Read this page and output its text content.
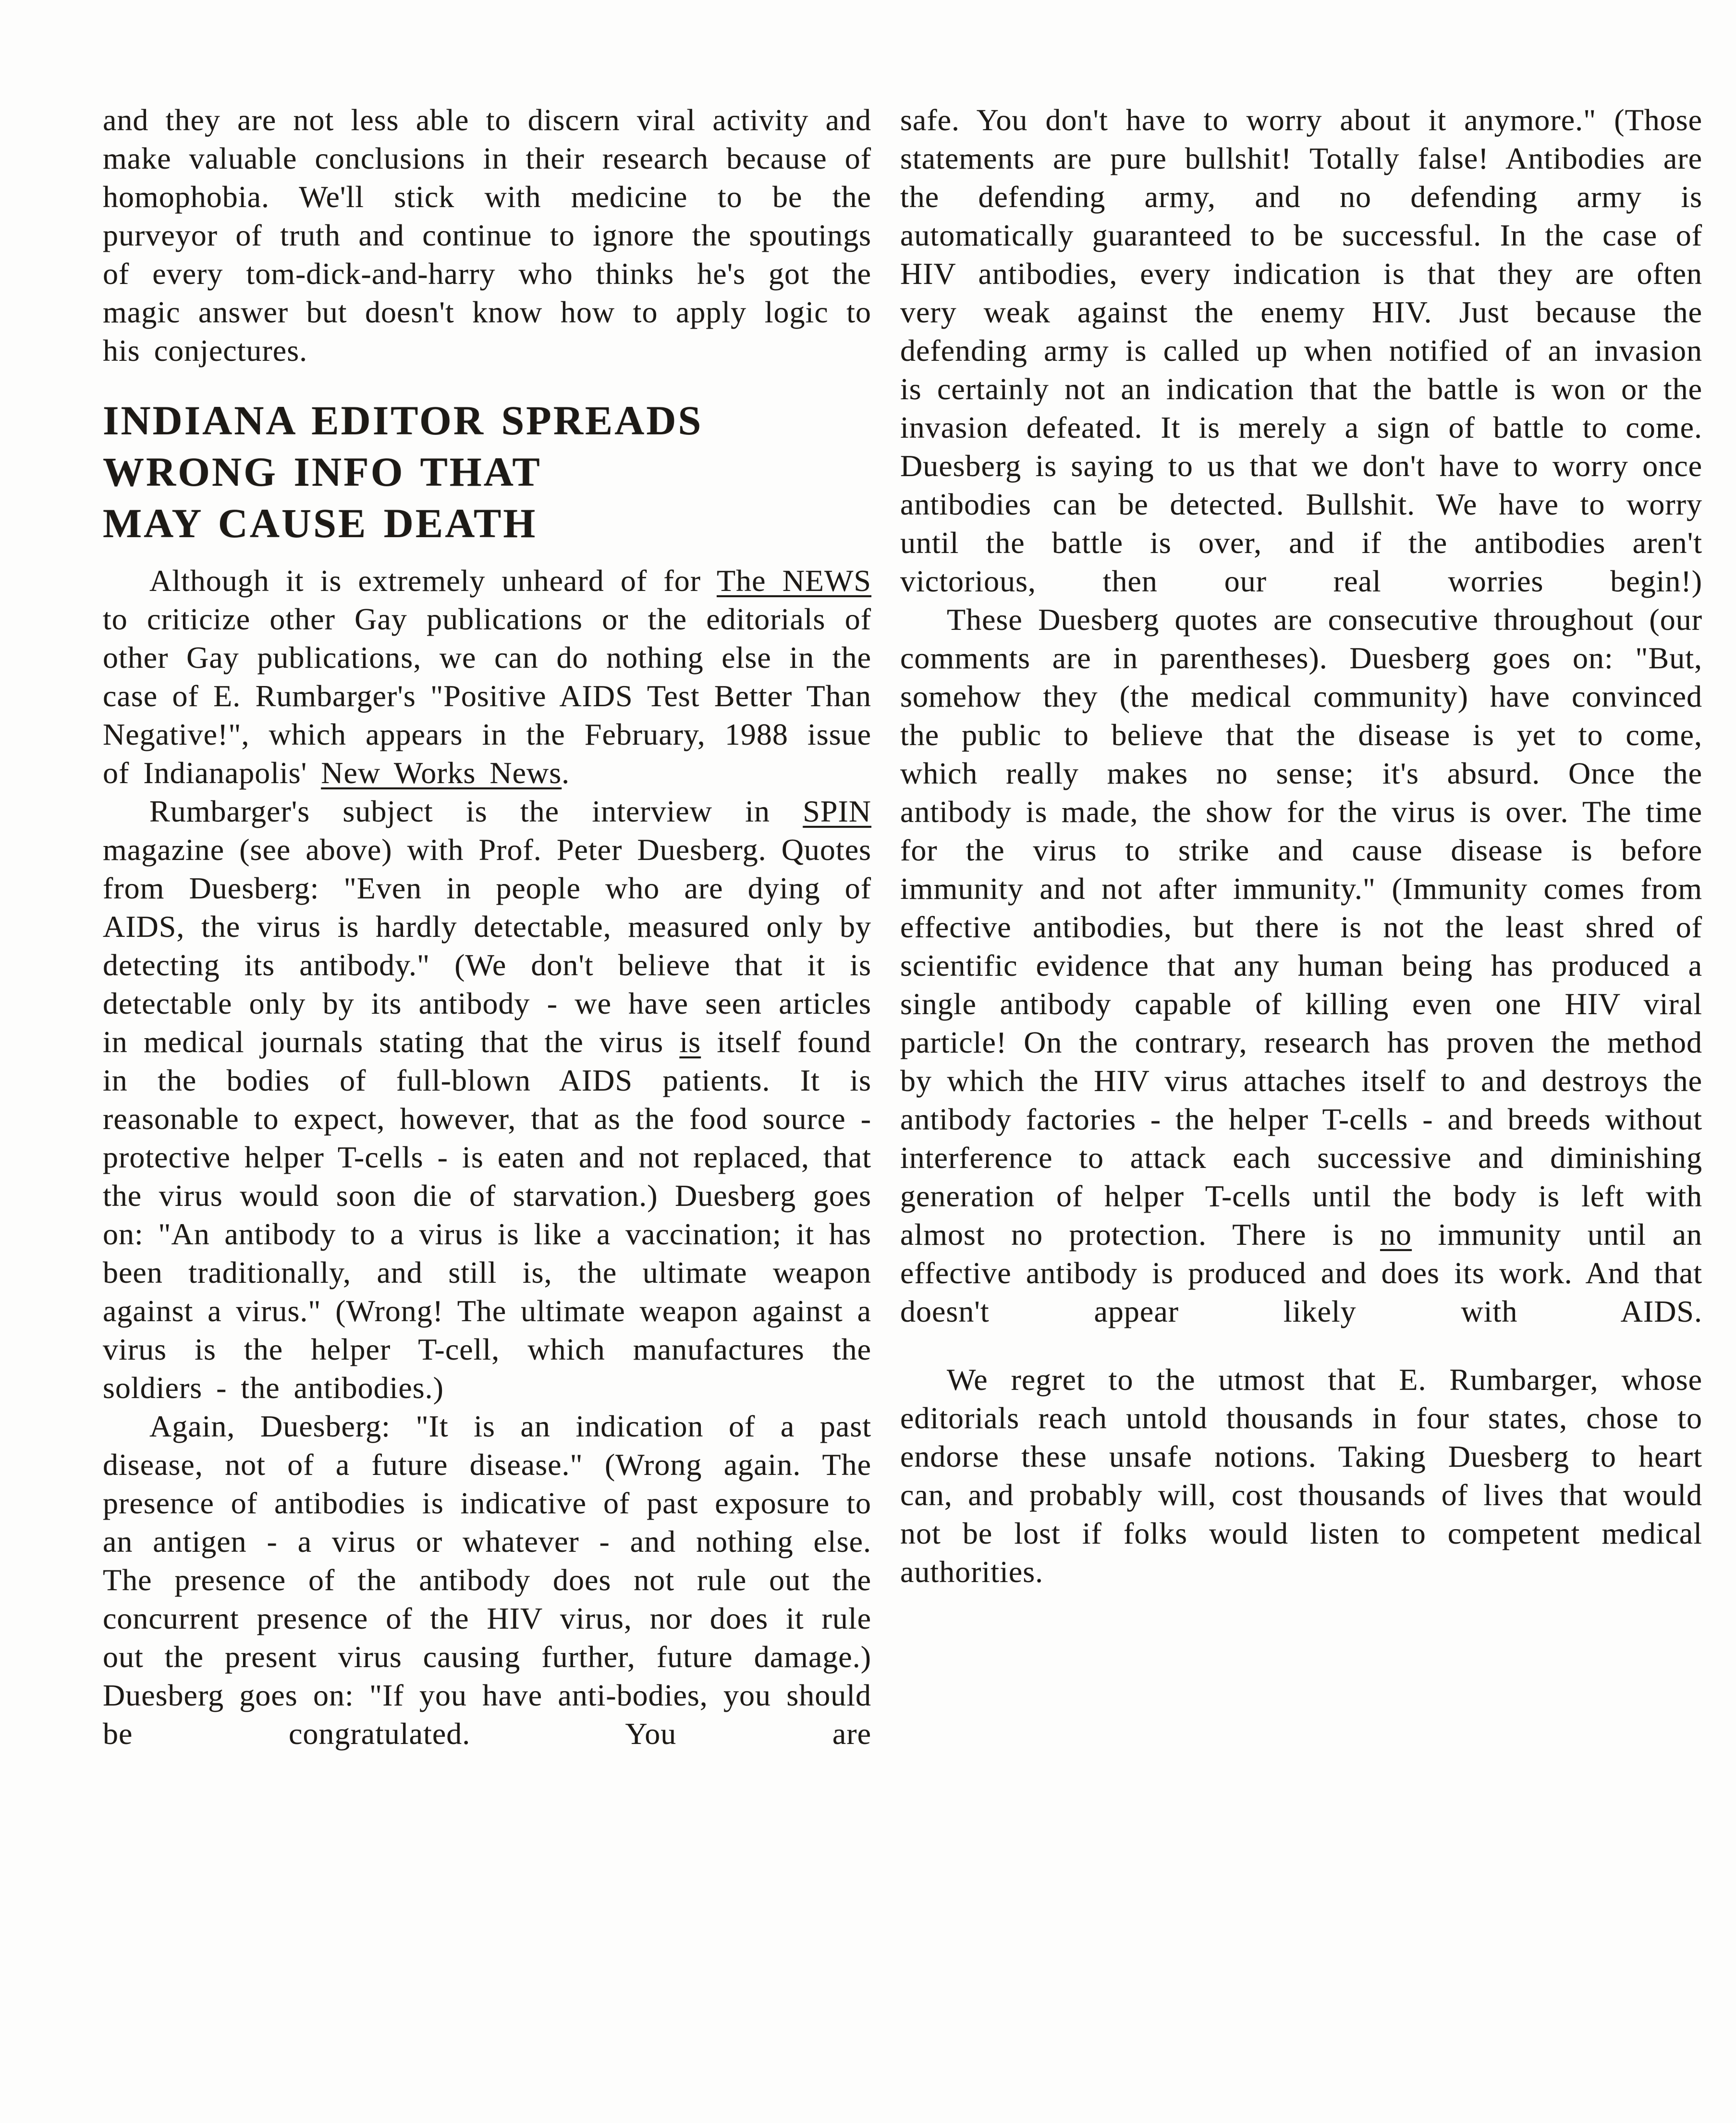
and they are not less able to discern viral activity and make valuable conclusions in their research because of homophobia. We'll stick with medicine to be the purveyor of truth and continue to ignore the spoutings of every tom-dick-and-harry who thinks he's got the magic answer but doesn't know how to apply logic to his conjectures.

INDIANA EDITOR SPREADS
WRONG INFO THAT
MAY CAUSE DEATH

Although it is extremely unheard of for The NEWS to criticize other Gay publications or the editorials of other Gay publications, we can do nothing else in the case of E. Rumbarger's "Positive AIDS Test Better Than Negative!", which appears in the February, 1988 issue of Indianapolis' New Works News.

Rumbarger's subject is the interview in SPIN magazine (see above) with Prof. Peter Duesberg. Quotes from Duesberg: "Even in people who are dying of AIDS, the virus is hardly detectable, measured only by detecting its antibody." (We don't believe that it is detectable only by its antibody - we have seen articles in medical journals stating that the virus is itself found in the bodies of full-blown AIDS patients. It is reasonable to expect, however, that as the food source - protective helper T-cells - is eaten and not replaced, that the virus would soon die of starvation.) Duesberg goes on: "An antibody to a virus is like a vaccination; it has been traditionally, and still is, the ultimate weapon against a virus." (Wrong! The ultimate weapon against a virus is the helper T-cell, which manufactures the soldiers - the antibodies.)

Again, Duesberg: "It is an indication of a past disease, not of a future disease." (Wrong again. The presence of antibodies is indicative of past exposure to an antigen - a virus or whatever - and nothing else. The presence of the antibody does not rule out the concurrent presence of the HIV virus, nor does it rule out the present virus causing further, future damage.) Duesberg goes on: "If you have anti-bodies, you should be congratulated. You are

safe. You don't have to worry about it anymore." (Those statements are pure bullshit! Totally false! Antibodies are the defending army, and no defending army is automatically guaranteed to be successful. In the case of HIV antibodies, every indication is that they are often very weak against the enemy HIV. Just because the defending army is called up when notified of an invasion is certainly not an indication that the battle is won or the invasion defeated. It is merely a sign of battle to come. Duesberg is saying to us that we don't have to worry once antibodies can be detected. Bullshit. We have to worry until the battle is over, and if the antibodies aren't victorious, then our real worries begin!)

These Duesberg quotes are consecutive throughout (our comments are in parentheses). Duesberg goes on: "But, somehow they (the medical community) have convinced the public to believe that the disease is yet to come, which really makes no sense; it's absurd. Once the antibody is made, the show for the virus is over. The time for the virus to strike and cause disease is before immunity and not after immunity." (Immunity comes from effective antibodies, but there is not the least shred of scientific evidence that any human being has produced a single antibody capable of killing even one HIV viral particle! On the contrary, research has proven the method by which the HIV virus attaches itself to and destroys the antibody factories - the helper T-cells - and breeds without interference to attack each successive and diminishing generation of helper T-cells until the body is left with almost no protection. There is no immunity until an effective antibody is produced and does its work. And that doesn't appear likely with AIDS.

We regret to the utmost that E. Rumbarger, whose editorials reach untold thousands in four states, chose to endorse these unsafe notions. Taking Duesberg to heart can, and probably will, cost thousands of lives that would not be lost if folks would listen to competent medical authorities.
